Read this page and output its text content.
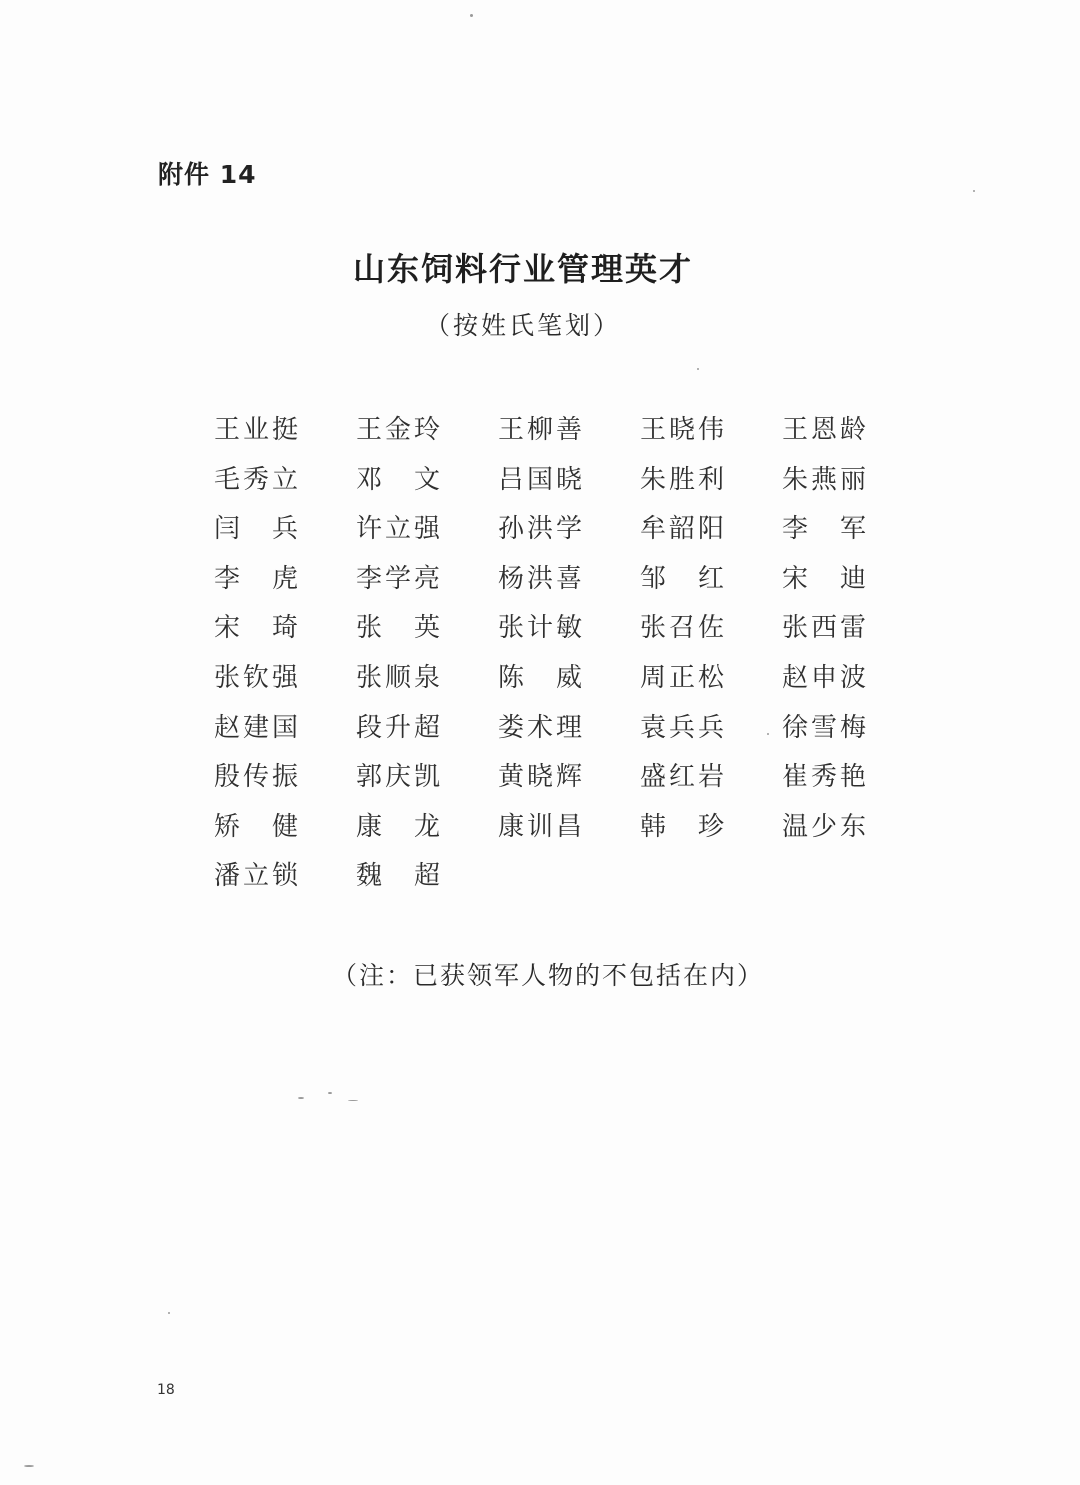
附件 14
山东饲料行业管理英才
（按姓氏笔划）
王 业 挺 王 金 玲 王 柳 善 王 晓 伟 王 恩 龄
毛 秀 立 邓 文 吕 国 晓 朱 胜 利 朱 燕 丽
闫 兵 许 立 强 孙 洪 学 牟 韶 阳 李 军
李 虎 李 学 亮 杨 洪 喜 邹 红 宋 迪
宋 琦 张 英 张 计 敏 张 召 佐 张 西 雷
张 钦 强 张 顺 泉 陈 威 周 正 松 赵 申 波
赵 建 国 段 升 超 娄 术 理 袁 兵 兵 徐 雪 梅
殷 传 振 郭 庆 凯 黄 晓 辉 盛 红 岩 崔 秀 艳
矫 健 康 龙 康 训 昌 韩 珍 温 少 东
潘 立 锁 魏 超
（注：已获领军人物的不包括在内）
18
